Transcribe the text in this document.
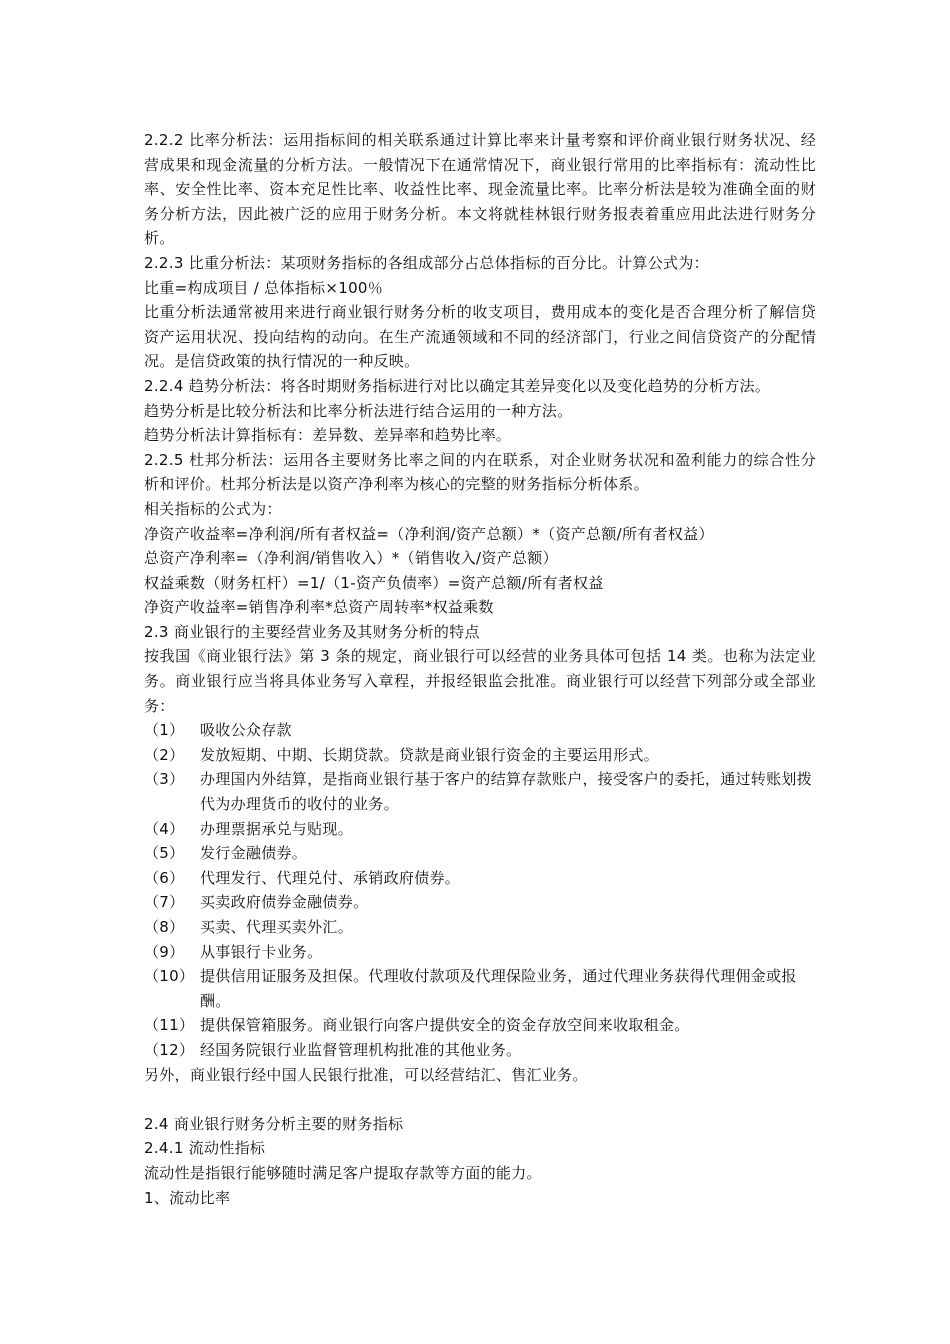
2.2.2 比率分析法：运用指标间的相关联系通过计算比率来计量考察和评价商业银行财务状况、经营成果和现金流量的分析方法。一般情况下在通常情况下，商业银行常用的比率指标有：流动性比率、安全性比率、资本充足性比率、收益性比率、现金流量比率。比率分析法是较为准确全面的财务分析方法，因此被广泛的应用于财务分析。本文将就桂林银行财务报表着重应用此法进行财务分析。

2.2.3 比重分析法：某项财务指标的各组成部分占总体指标的百分比。计算公式为：

比重=构成项目 / 总体指标×100％

比重分析法通常被用来进行商业银行财务分析的收支项目，费用成本的变化是否合理分析了解信贷资产运用状况、投向结构的动向。在生产流通领域和不同的经济部门，行业之间信贷资产的分配情况。是信贷政策的执行情况的一种反映。

2.2.4 趋势分析法：将各时期财务指标进行对比以确定其差异变化以及变化趋势的分析方法。

趋势分析是比较分析法和比率分析法进行结合运用的一种方法。

趋势分析法计算指标有：差异数、差异率和趋势比率。

2.2.5 杜邦分析法：运用各主要财务比率之间的内在联系，对企业财务状况和盈利能力的综合性分析和评价。杜邦分析法是以资产净利率为核心的完整的财务指标分析体系。

相关指标的公式为：

净资产收益率=净利润/所有者权益=（净利润/资产总额）*（资产总额/所有者权益）

总资产净利率=（净利润/销售收入）*（销售收入/资产总额）

权益乘数（财务杠杆）=1/（1-资产负债率）=资产总额/所有者权益

净资产收益率=销售净利率*总资产周转率*权益乘数

2.3 商业银行的主要经营业务及其财务分析的特点

按我国《商业银行法》第 3 条的规定，商业银行可以经营的业务具体可包括 14 类。也称为法定业务。商业银行应当将具体业务写入章程，并报经银监会批准。商业银行可以经营下列部分或全部业务：

（1） 吸收公众存款
（2） 发放短期、中期、长期贷款。贷款是商业银行资金的主要运用形式。
（3） 办理国内外结算，是指商业银行基于客户的结算存款账户，接受客户的委托，通过转账划拨代为办理货币的收付的业务。
（4） 办理票据承兑与贴现。
（5） 发行金融债券。
（6） 代理发行、代理兑付、承销政府债券。
（7） 买卖政府债券金融债券。
（8） 买卖、代理买卖外汇。
（9） 从事银行卡业务。
（10） 提供信用证服务及担保。代理收付款项及代理保险业务，通过代理业务获得代理佣金或报酬。
（11） 提供保管箱服务。商业银行向客户提供安全的资金存放空间来收取租金。
（12） 经国务院银行业监督管理机构批准的其他业务。

另外，商业银行经中国人民银行批准，可以经营结汇、售汇业务。

2.4 商业银行财务分析主要的财务指标

2.4.1 流动性指标

流动性是指银行能够随时满足客户提取存款等方面的能力。

1、流动比率
